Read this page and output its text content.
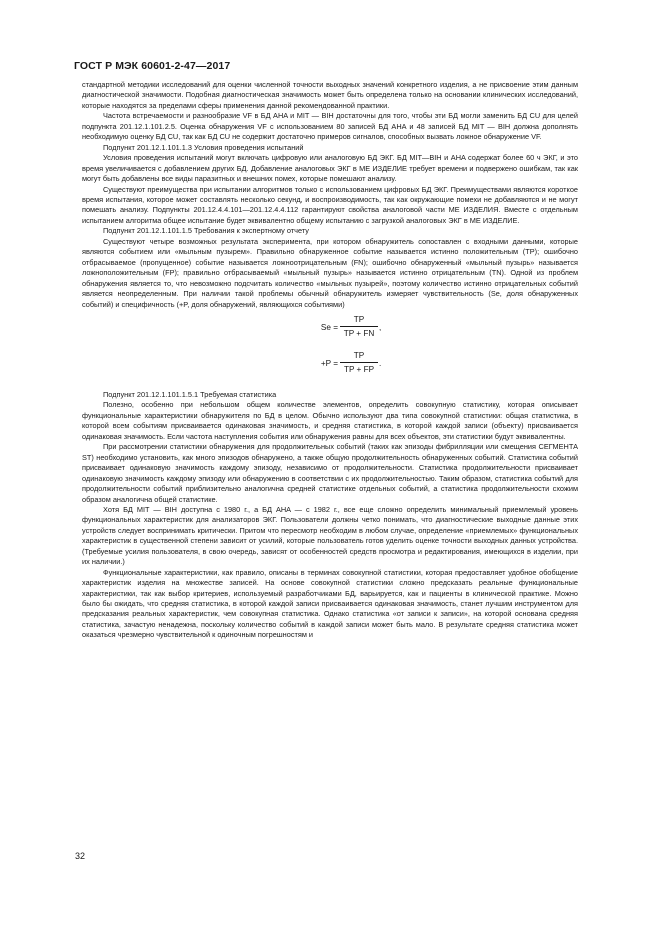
ГОСТ Р МЭК 60601-2-47—2017

стандартной методики исследований для оценки численной точности выходных значений конкретного изделия, а не присвоение этим данным диагностической значимости. Подобная диагностическая значимость может быть определена только на основании клинических исследований, которые находятся за пределами сферы применения данной рекомендованной практики.

Частота встречаемости и разнообразие VF в БД AHA и MIT — BIH достаточны для того, чтобы эти БД могли заменить БД CU для целей подпункта 201.12.1.101.2.5. Оценка обнаружения VF с использованием 80 записей БД AHA и 48 записей БД MIT — BIH должна дополнять необходимую оценку БД CU, так как БД CU не содержит достаточно примеров сигналов, способных вызвать ложное обнаружение VF.

Подпункт 201.12.1.101.1.3 Условия проведения испытаний

Условия проведения испытаний могут включать цифровую или аналоговую БД ЭКГ. БД MIT—BIH и AHA содержат более 60 ч ЭКГ, и это время увеличивается с добавлением других БД. Добавление аналоговых ЭКГ в МЕ ИЗДЕЛИЕ требует времени и подвержено ошибкам, так как могут быть добавлены все виды паразитных и внешних помех, которые помешают анализу.

Существуют преимущества при испытании алгоритмов только с использованием цифровых БД ЭКГ. Преимуществами являются короткое время испытания, которое может составлять несколько секунд, и воспроизводимость, так как окружающие помехи не добавляются и не могут помешать анализу. Подпункты 201.12.4.4.101—201.12.4.4.112 гарантируют свойства аналоговой части МЕ ИЗДЕЛИЯ. Вместе с отдельным испытанием алгоритма общее испытание будет эквивалентно общему испытанию с загрузкой аналоговых ЭКГ в МЕ ИЗДЕЛИЕ.

Подпункт 201.12.1.101.1.5 Требования к экспертному отчету

Существуют четыре возможных результата эксперимента, при котором обнаружитель сопоставлен с входными данными, которые являются событием или «мыльным пузырем». Правильно обнаруженное событие называется истинно положительным (TP); ошибочно отбрасываемое (пропущенное) событие называется ложноотрицательным (FN); ошибочно обнаруженный «мыльный пузырь» называется ложноположительным (FP); правильно отбрасываемый «мыльный пузырь» называется истинно отрицательным (TN). Одной из проблем обнаружения является то, что невозможно подсчитать количество «мыльных пузырей», поэтому количество истинно отрицательных событий является неопределенным. При наличии такой проблемы обычный обнаружитель измеряет чувствительность (Se, доля обнаруженных событий) и специфичность (+P, доля обнаружений, являющихся событиями)

$Se = \frac{TP}{TP + FN}$ ,
$+P = \frac{TP}{TP + FP}$ .

Подпункт 201.12.1.101.1.5.1 Требуемая статистика

Полезно, особенно при небольшом общем количестве элементов, определить совокупную статистику, которая описывает функциональные характеристики обнаружителя по БД в целом. Обычно используют два типа совокупной статистики: общая статистика, в которой всем событиям присваивается одинаковая значимость, и средняя статистика, в которой каждой записи (объекту) присваивается одинаковая значимость. Если частота наступления события или обнаружения равны для всех объектов, эти статистики будут эквивалентны.

При рассмотрении статистики обнаружения для продолжительных событий (таких как эпизоды фибрилляции или смещения СЕГМЕНТА ST) необходимо установить, как много эпизодов обнаружено, а также общую продолжительность обнаруженных событий. Статистика событий присваивает одинаковую значимость каждому эпизоду, независимо от продолжительности. Статистика продолжительности присваивает одинаковую значимость каждому эпизоду или обнаружению в соответствии с их продолжительностью. Таким образом, статистика событий для продолжительности событий приблизительно аналогична средней статистике отдельных событий, а статистика продолжительности схожим образом аналогична общей статистике.

Хотя БД MIT — BIH доступна с 1980 г., а БД AHA — с 1982 г., все еще сложно определить минимальный приемлемый уровень функциональных характеристик для анализаторов ЭКГ. Пользователи должны четко понимать, что диагностические выходные данные этих устройств следует воспринимать критически. Притом что пересмотр необходим в любом случае, определение «приемлемых» функциональных характеристик в существенной степени зависит от усилий, которые пользователь готов уделить оценке точности выходных данных устройства. (Требуемые усилия пользователя, в свою очередь, зависят от особенностей средств просмотра и редактирования, имеющихся в изделии, при их наличии.)

Функциональные характеристики, как правило, описаны в терминах совокупной статистики, которая предоставляет удобное обобщение характеристик изделия на множестве записей. На основе совокупной статистики сложно предсказать реальные функциональные характеристики, так как выбор критериев, используемый разработчиками БД, варьируется, как и пациенты в клинической практике. Можно было бы ожидать, что средняя статистика, в которой каждой записи присваивается одинаковая значимость, станет лучшим инструментом для предсказания реальных характеристик, чем совокупная статистика. Однако статистика «от записи к записи», на которой основана средняя статистика, зачастую ненадежна, поскольку количество событий в каждой записи может быть мало. В результате средняя статистика может оказаться чрезмерно чувствительной к одиночным погрешностям и

32
